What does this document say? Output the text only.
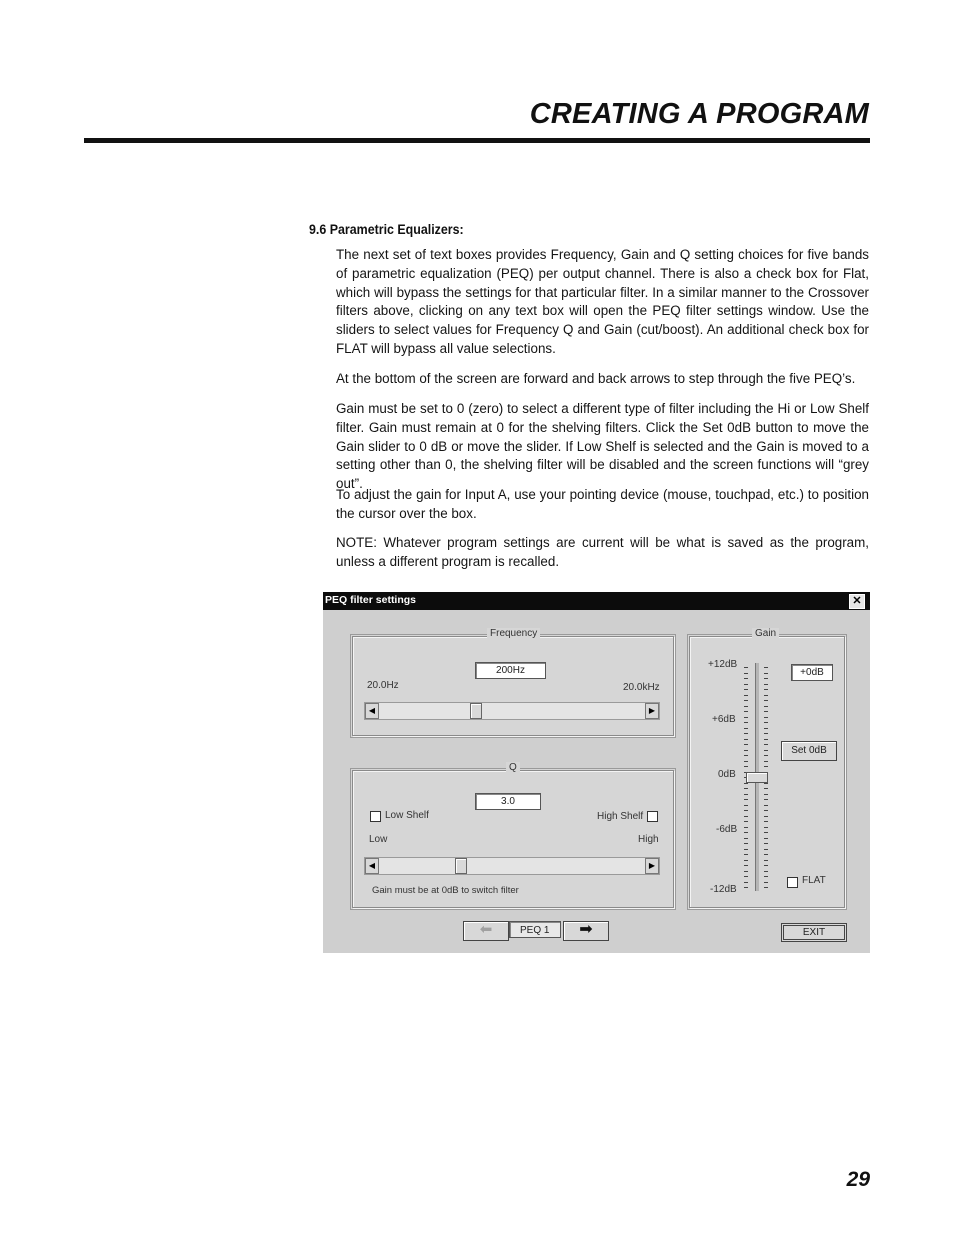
CREATING A PROGRAM
9.6 Parametric Equalizers:

The next set of text boxes provides Frequency, Gain and Q setting choices for five bands of parametric equalization (PEQ) per output channel. There is also a check box for Flat, which will bypass the settings for that particular filter. In a similar manner to the Crossover filters above, clicking on any text box will open the PEQ filter settings window. Use the sliders to select values for Frequency Q and Gain (cut/boost). An additional check box for FLAT will bypass all value selections.

At the bottom of the screen are forward and back arrows to step through the five PEQ’s.

Gain must be set to 0 (zero) to select a different type of filter including the Hi or Low Shelf filter. Gain must remain at 0 for the shelving filters. Click the Set 0dB button to move the Gain slider to 0 dB or move the slider. If Low Shelf is selected and the Gain is moved to a setting other than 0, the shelving filter will be disabled and the screen functions will “grey out”.

To adjust the gain for Input A, use your pointing device (mouse, touchpad, etc.) to position the cursor over the box.

NOTE: Whatever program settings are current will be what is saved as the program, unless a different program is recalled.

PEQ filter settings	✕
Frequency
200Hz
20.0Hz	20.0kHz
◀	▶
Q
3.0
Low Shelf	High Shelf
Low	High
◀	▶
Gain must be at 0dB to switch filter
Gain
+12dB
+6dB
0dB
-6dB
-12dB
+0dB
Set 0dB
FLAT
⬅	PEQ 1	➡	EXIT
29
